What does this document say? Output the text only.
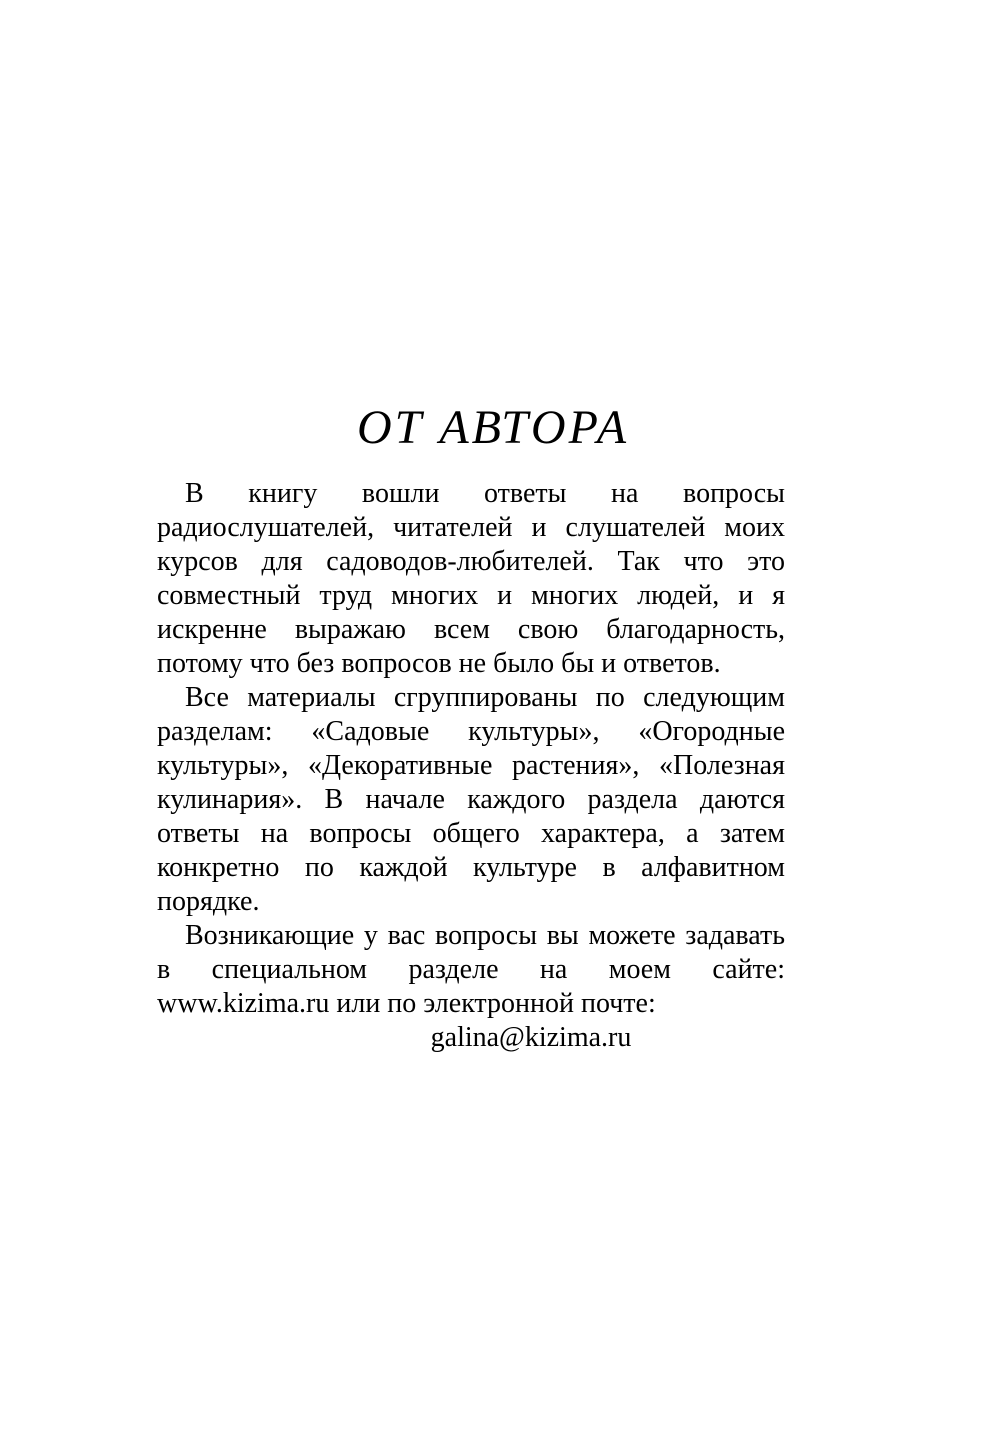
ОТ АВТОРА

В книгу вошли ответы на вопросы радиослушателей, читателей и слушателей моих курсов для садоводов-любителей. Так что это совместный труд многих и многих людей, и я искренне выражаю всем свою благодарность, потому что без вопросов не было бы и ответов.

Все материалы сгруппированы по следующим разделам: «Садовые культуры», «Огородные культуры», «Декоративные растения», «Полезная кулинария». В начале каждого раздела даются ответы на вопросы общего характера, а затем конкретно по каждой культуре в алфавитном порядке.

Возникающие у вас вопросы вы можете задавать в специальном разделе на моем сайте: www.kizima.ru или по электронной почте:

galina@kizima.ru
